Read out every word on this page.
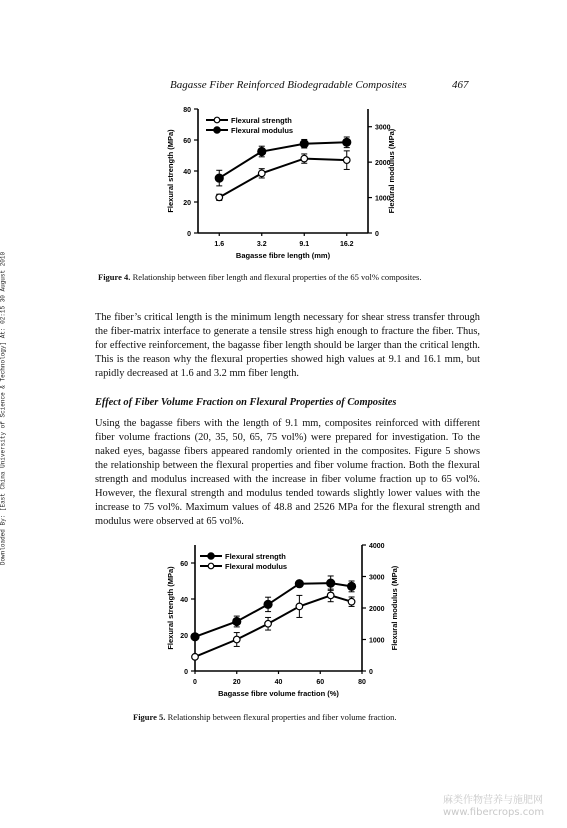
Bagasse Fiber Reinforced Biodegradable Composites	467
Downloaded By: [East China University of Science & Technology] At: 02:15 30 August 2010
0
20
40
60
80
0
1000
2000
3000
1.6	3.2	9.1	16.2
Bagasse fibre length (mm)
Flexural strength (MPa)	Flexural modulus (MPa)
Flexural strength
Flexural modulus
Figure 4. Relationship between fiber length and flexural properties of the 65 vol% composites.
The fiber’s critical length is the minimum length necessary for shear stress transfer through the fiber-matrix interface to generate a tensile stress high enough to fracture the fiber. Thus, for effective reinforcement, the bagasse fiber length should be larger than the critical length. This is the reason why the flexural properties showed high values at 9.1 and 16.1 mm, but rapidly decreased at 1.6 and 3.2 mm fiber length.
Effect of Fiber Volume Fraction on Flexural Properties of Composites
Using the bagasse fibers with the length of 9.1 mm, composites reinforced with different fiber volume fractions (20, 35, 50, 65, 75 vol%) were prepared for investigation. To the naked eyes, bagasse fibers appeared randomly oriented in the composites. Figure 5 shows the relationship between the flexural properties and fiber volume fraction. Both the flexural strength and modulus increased with the increase in fiber volume fraction up to 65 vol%. However, the flexural strength and modulus tended towards slightly lower values with the increase to 75 vol%. Maximum values of 48.8 and 2526 MPa for the flexural strength and modulus were observed at 65 vol%.
0
20
40
60
0
1000
2000
3000
4000
0	20	40	60	80
Bagasse fibre volume fraction (%)
Flexural strength (MPa)	Flexural modulus (MPa)
Flexural strength
Flexural modulus
Figure 5. Relationship between flexural properties and fiber volume fraction.
麻类作物营养与施肥网
www.fibercrops.com
